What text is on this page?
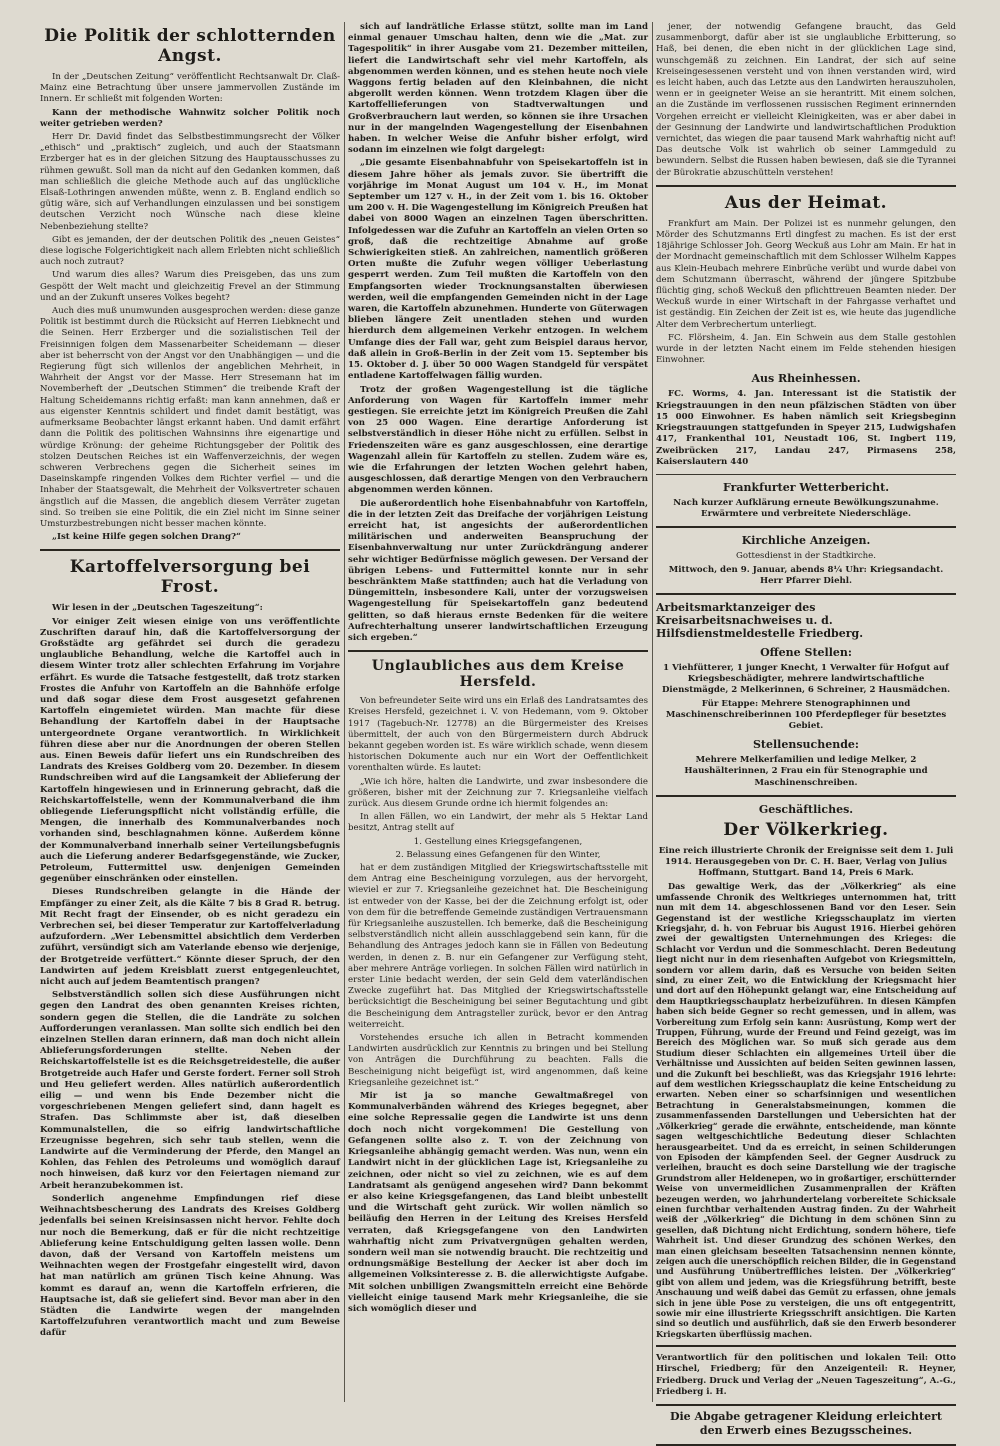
Die Politik der schlotternden Angst.

In der „Deutschen Zeitung“ veröffentlicht Rechtsanwalt Dr. Claß-Mainz eine Betrachtung über unsere jammervollen Zustände im Innern. Er schließt mit folgenden Worten:

Kann der methodische Wahnwitz solcher Politik noch weiter getrieben werden?

Herr Dr. David findet das Selbstbestimmungsrecht der Völker „ethisch“ und „praktisch“ zugleich, und auch der Staatsmann Erzberger hat es in der gleichen Sitzung des Hauptausschusses zu rühmen gewußt. Soll man da nicht auf den Gedanken kommen, daß man schließlich die gleiche Methode auch auf das unglückliche Elsaß-Lothringen anwenden müßte, wenn z. B. England endlich so gütig wäre, sich auf Verhandlungen einzulassen und bei sonstigem deutschen Verzicht noch Wünsche nach diese kleine Nebenbeziehung stellte?

Gibt es jemanden, der der deutschen Politik des „neuen Geistes“ diese logische Folgerichtigkeit nach allem Erlebten nicht schließlich auch noch zutraut?

Und warum dies alles? Warum dies Preisgeben, das uns zum Gespött der Welt macht und gleichzeitig Frevel an der Stimmung und an der Zukunft unseres Volkes begeht?

Auch dies muß unumwunden ausgesprochen werden: diese ganze Politik ist bestimmt durch die Rücksicht auf Herren Liebknecht und die Seinen. Herr Erzberger und die sozialistischen Teil der Freisinnigen folgen dem Massenarbeiter Scheidemann — dieser aber ist beherrscht von der Angst vor den Unabhängigen — und die Regierung fügt sich willenlos der angeblichen Mehrheit, in Wahrheit der Angst vor der Masse. Herr Stresemann hat im Novemberheft der „Deutschen Stimmen“ die treibende Kraft der Haltung Scheidemanns richtig erfaßt: man kann annehmen, daß er aus eigenster Kenntnis schildert und findet damit bestätigt, was aufmerksame Beobachter längst erkannt haben. Und damit erfährt dann die Politik des politischen Wahnsinns ihre eigenartige und würdige Krönung: der geheime Richtungsgeber der Politik des stolzen Deutschen Reiches ist ein Waffenverzeichnis, der wegen schweren Verbrechens gegen die Sicherheit seines im Daseinskampfe ringenden Volkes dem Richter verfiel — und die Inhaber der Staatsgewalt, die Mehrheit der Volksvertreter schauen ängstlich auf die Massen, die angeblich diesem Verräter zugetan sind. So treiben sie eine Politik, die ein Ziel nicht im Sinne seiner Umsturzbestrebungen nicht besser machen könnte.

„Ist keine Hilfe gegen solchen Drang?“

Kartoffelversorgung bei Frost.

Wir lesen in der „Deutschen Tageszeitung“:

Vor einiger Zeit wiesen einige von uns veröffentlichte Zuschriften darauf hin, daß die Kartoffelversorgung der Großstädte arg gefährdet sei durch die geradezu unglaubliche Behandlung, welche die Kartoffel auch in diesem Winter trotz aller schlechten Erfahrung im Vorjahre erfährt. Es wurde die Tatsache festgestellt, daß trotz starken Frostes die Anfuhr von Kartoffeln an die Bahnhöfe erfolge und daß sogar diese dem Frost ausgesetzt gefahrenen Kartoffeln eingemietet würden. Man machte für diese Behandlung der Kartoffeln dabei in der Hauptsache untergeordnete Organe verantwortlich. In Wirklichkeit führen diese aber nur die Anordnungen der oberen Stellen aus. Einen Beweis dafür liefert uns ein Rundschreiben des Landrats des Kreises Goldberg vom 20. Dezember. In diesem Rundschreiben wird auf die Langsamkeit der Ablieferung der Kartoffeln hingewiesen und in Erinnerung gebracht, daß die Reichskartoffelstelle, wenn der Kommunalverband die ihm obliegende Lieferungspflicht nicht vollständig erfülle, die Mengen, die innerhalb des Kommunalverbandes noch vorhanden sind, beschlagnahmen könne. Außerdem könne der Kommunalverband innerhalb seiner Verteilungsbefugnis auch die Lieferung anderer Bedarfsgegenstände, wie Zucker, Petroleum, Futtermittel usw. denjenigen Gemeinden gegenüber einschränken oder einstellen.

Dieses Rundschreiben gelangte in die Hände der Empfänger zu einer Zeit, als die Kälte 7 bis 8 Grad R. betrug. Mit Recht fragt der Einsender, ob es nicht geradezu ein Verbrechen sei, bei dieser Temperatur zur Kartoffelverladung aufzufordern. „Wer Lebensmittel absichtlich dem Verderben zuführt, versündigt sich am Vaterlande ebenso wie derjenige, der Brotgetreide verfüttert.“ Könnte dieser Spruch, der den Landwirten auf jedem Kreisblatt zuerst entgegenleuchtet, nicht auch auf jedem Beamtentisch prangen?

Selbstverständlich sollen sich diese Ausführungen nicht gegen den Landrat des oben genannten Kreises richten, sondern gegen die Stellen, die die Landräte zu solchen Aufforderungen veranlassen. Man sollte sich endlich bei den einzelnen Stellen daran erinnern, daß man doch nicht allein Ablieferungsforderungen stellte. Neben der Reichskartoffelstelle ist es die Reichsgetreidestelle, die außer Brotgetreide auch Hafer und Gerste fordert. Ferner soll Stroh und Heu geliefert werden. Alles natürlich außerordentlich eilig — und wenn bis Ende Dezember nicht die vorgeschriebenen Mengen geliefert sind, dann hagelt es Strafen. Das Schlimmste aber ist, daß dieselben Kommunalstellen, die so eifrig landwirtschaftliche Erzeugnisse begehren, sich sehr taub stellen, wenn die Landwirte auf die Verminderung der Pferde, den Mangel an Kohlen, das Fehlen des Petroleums und womöglich darauf noch hinweisen, daß kurz vor den Feiertagen niemand zur Arbeit heranzubekommen ist.

Sonderlich angenehme Empfindungen rief diese Weihnachtsbescherung des Landrats des Kreises Goldberg jedenfalls bei seinen Kreisinsassen nicht hervor. Fehlte doch nur noch die Bemerkung, daß er für die nicht rechtzeitige Ablieferung keine Entschuldigung gelten lassen wolle. Denn davon, daß der Versand von Kartoffeln meistens um Weihnachten wegen der Frostgefahr eingestellt wird, davon hat man natürlich am grünen Tisch keine Ahnung. Was kommt es darauf an, wenn die Kartoffeln erfrieren, die Hauptsache ist, daß sie geliefert sind. Bevor man aber in den Städten die Landwirte wegen der mangelnden Kartoffelzufuhren verantwortlich macht und zum Beweise dafür

sich auf landrätliche Erlasse stützt, sollte man im Land einmal genauer Umschau halten, denn wie die „Mat. zur Tagespolitik“ in ihrer Ausgabe vom 21. Dezember mitteilen, liefert die Landwirtschaft sehr viel mehr Kartoffeln, als abgenommen werden können, und es stehen heute noch viele Waggons fertig beladen auf den Kleinbahnen, die nicht abgerollt werden können. Wenn trotzdem Klagen über die Kartoffellieferungen von Stadtverwaltungen und Großverbrauchern laut werden, so können sie ihre Ursachen nur in der mangelnden Wagengestellung der Eisenbahnen haben. In welcher Weise die Anfuhr bisher erfolgt, wird sodann im einzelnen wie folgt dargelegt:

„Die gesamte Eisenbahnabfuhr von Speisekartoffeln ist in diesem Jahre höher als jemals zuvor. Sie übertrifft die vorjährige im Monat August um 104 v. H., im Monat September um 127 v. H., in der Zeit vom 1. bis 16. Oktober um 200 v. H. Die Wagengestellung im Königreich Preußen hat dabei von 8000 Wagen an einzelnen Tagen überschritten. Infolgedessen war die Zufuhr an Kartoffeln an vielen Orten so groß, daß die rechtzeitige Abnahme auf große Schwierigkeiten stieß. An zahlreichen, namentlich größeren Orten mußte die Zufuhr wegen völliger Ueberlastung gesperrt werden. Zum Teil mußten die Kartoffeln von den Empfangsorten wieder Trocknungsanstalten überwiesen werden, weil die empfangenden Gemeinden nicht in der Lage waren, die Kartoffeln abzunehmen. Hunderte von Güterwagen blieben längere Zeit unentladen stehen und wurden hierdurch dem allgemeinen Verkehr entzogen. In welchem Umfange dies der Fall war, geht zum Beispiel daraus hervor, daß allein in Groß-Berlin in der Zeit vom 15. September bis 15. Oktober d. J. über 50 000 Wagen Standgeld für verspätet entladene Kartoffelwagen fällig wurden.

Trotz der großen Wagengestellung ist die tägliche Anforderung von Wagen für Kartoffeln immer mehr gestiegen. Sie erreichte jetzt im Königreich Preußen die Zahl von 25 000 Wagen. Eine derartige Anforderung ist selbstverständlich in dieser Höhe nicht zu erfüllen. Selbst in Friedenszeiten wäre es ganz ausgeschlossen, eine derartige Wagenzahl allein für Kartoffeln zu stellen. Zudem wäre es, wie die Erfahrungen der letzten Wochen gelehrt haben, ausgeschlossen, daß derartige Mengen von den Verbrauchern abgenommen werden können.

Die außerordentlich hohe Eisenbahnabfuhr von Kartoffeln, die in der letzten Zeit das Dreifache der vorjährigen Leistung erreicht hat, ist angesichts der außerordentlichen militärischen und anderweiten Beanspruchung der Eisenbahnverwaltung nur unter Zurückdrängung anderer sehr wichtiger Bedürfnisse möglich gewesen. Der Versand der übrigen Lebens- und Futtermittel konnte nur in sehr beschränktem Maße stattfinden; auch hat die Verladung von Düngemitteln, insbesondere Kali, unter der vorzugsweisen Wagengestellung für Speisekartoffeln ganz bedeutend gelitten, so daß hieraus ernste Bedenken für die weitere Aufrechterhaltung unserer landwirtschaftlichen Erzeugung sich ergeben.“

Unglaubliches aus dem Kreise Hersfeld.

Von befreundeter Seite wird uns ein Erlaß des Landratsamtes des Kreises Hersfeld, gezeichnet i. V. von Hedemann, vom 9. Oktober 1917 (Tagebuch-Nr. 12778) an die Bürgermeister des Kreises übermittelt, der auch von den Bürgermeistern durch Abdruck bekannt gegeben worden ist. Es wäre wirklich schade, wenn diesem historischen Dokumente auch nur ein Wort der Oeffentlichkeit vorenthalten würde. Es lautet:

„Wie ich höre, halten die Landwirte, und zwar insbesondere die größeren, bisher mit der Zeichnung zur 7. Kriegsanleihe vielfach zurück. Aus diesem Grunde ordne ich hiermit folgendes an:

In allen Fällen, wo ein Landwirt, der mehr als 5 Hektar Land besitzt, Antrag stellt auf

1. Gestellung eines Kriegsgefangenen,

2. Belassung eines Gefangenen für den Winter,

hat er dem zuständigen Mitglied der Kriegswirtschaftsstelle mit dem Antrag eine Bescheinigung vorzulegen, aus der hervorgeht, wieviel er zur 7. Kriegsanleihe gezeichnet hat. Die Bescheinigung ist entweder von der Kasse, bei der die Zeichnung erfolgt ist, oder von dem für die betreffende Gemeinde zuständigen Vertrauensmann für Kriegsanleihe auszustellen. Ich bemerke, daß die Bescheinigung selbstverständlich nicht allein ausschlaggebend sein kann, für die Behandlung des Antrages jedoch kann sie in Fällen von Bedeutung werden, in denen z. B. nur ein Gefangener zur Verfügung steht, aber mehrere Anträge vorliegen. In solchen Fällen wird natürlich in erster Linie bedacht werden, der sein Geld dem vaterländischen Zwecke zugeführt hat. Das Mitglied der Kriegswirtschaftsstelle berücksichtigt die Bescheinigung bei seiner Begutachtung und gibt die Bescheinigung dem Antragsteller zurück, bevor er den Antrag weiterreicht.

Vorstehendes ersuche ich allen in Betracht kommenden Landwirten ausdrücklich zur Kenntnis zu bringen und bei Stellung von Anträgen die Durchführung zu beachten. Falls die Bescheinigung nicht beigefügt ist, wird angenommen, daß keine Kriegsanleihe gezeichnet ist.“

Mir ist ja so manche Gewaltmaßregel von Kommunalverbänden während des Krieges begegnet, aber eine solche Repressalie gegen die Landwirte ist uns denn doch noch nicht vorgekommen! Die Gestellung von Gefangenen sollte also z. T. von der Zeichnung von Kriegsanleihe abhängig gemacht werden. Was nun, wenn ein Landwirt nicht in der glücklichen Lage ist, Kriegsanleihe zu zeichnen, oder nicht so viel zu zeichnen, wie es auf dem Landratsamt als genügend angesehen wird? Dann bekommt er also keine Kriegsgefangenen, das Land bleibt unbestellt und die Wirtschaft geht zurück. Wir wollen nämlich so beiläufig den Herren in der Leitung des Kreises Hersfeld verraten, daß Kriegsgefangene von den Landwirten wahrhaftig nicht zum Privatvergnügen gehalten werden, sondern weil man sie notwendig braucht. Die rechtzeitig und ordnungsmäßige Bestellung der Aecker ist aber doch im allgemeinen Volksinteresse z. B. die allerwichtigste Aufgabe. Mit solchen unbilligen Zwangsmitteln erreicht eine Behörde vielleicht einige tausend Mark mehr Kriegsanleihe, die sie sich womöglich dieser und

jener, der notwendig Gefangene braucht, das Geld zusammenborgt, dafür aber ist sie unglaubliche Erbitterung, so Haß, bei denen, die eben nicht in der glücklichen Lage sind, wunschgemäß zu zeichnen. Ein Landrat, der sich auf seine Kreiseingesessenen versteht und von ihnen verstanden wird, wird es leicht haben, auch das Letzte aus den Landwirten herauszuholen, wenn er in geeigneter Weise an sie herantritt. Mit einem solchen, an die Zustände im verflossenen russischen Regiment erinnernden Vorgehen erreicht er vielleicht Kleinigkeiten, was er aber dabei in der Gesinnung der Landwirte und landwirtschaftlichen Produktion vernichtet, das wiegen die paar tausend Mark wahrhaftig nicht auf! Das deutsche Volk ist wahrlich ob seiner Lammgeduld zu bewundern. Selbst die Russen haben bewiesen, daß sie die Tyrannei der Bürokratie abzuschütteln verstehen!

Aus der Heimat.

Frankfurt am Main. Der Polizei ist es nunmehr gelungen, den Mörder des Schutzmanns Ertl dingfest zu machen. Es ist der erst 18jährige Schlosser Joh. Georg Weckuß aus Lohr am Main. Er hat in der Mordnacht gemeinschaftlich mit dem Schlosser Wilhelm Kappes aus Klein-Heubach mehrere Einbrüche verübt und wurde dabei von dem Schutzmann überrascht, während der jüngere Spitzbube flüchtig ging, schoß Weckuß den pflichttreuen Beamten nieder. Der Weckuß wurde in einer Wirtschaft in der Fahrgasse verhaftet und ist geständig. Ein Zeichen der Zeit ist es, wie heute das jugendliche Alter dem Verbrechertum unterliegt.

FC. Flörsheim, 4. Jan. Ein Schwein aus dem Stalle gestohlen wurde in der letzten Nacht einem im Felde stehenden hiesigen Einwohner.

Aus Rheinhessen.

FC. Worms, 4. Jan. Interessant ist die Statistik der Kriegstrauungen in den neun pfälzischen Städten von über 15 000 Einwohner. Es haben nämlich seit Kriegsbeginn Kriegstrauungen stattgefunden in Speyer 215, Ludwigshafen 417, Frankenthal 101, Neustadt 106, St. Ingbert 119, Zweibrücken 217, Landau 247, Pirmasens 258, Kaiserslautern 440

Frankfurter Wetterbericht.

Nach kurzer Aufklärung erneute Bewölkungszunahme. Erwärmtere und verbreitete Niederschläge.

Kirchliche Anzeigen.

Gottesdienst in der Stadtkirche.

Mittwoch, den 9. Januar, abends 8¼ Uhr: Kriegsandacht. Herr Pfarrer Diehl.

Arbeitsmarktanzeiger des Kreisarbeitsnachweises u. d. Hilfsdienstmeldestelle Friedberg.
Offene Stellen:

1 Viehfütterer, 1 junger Knecht, 1 Verwalter für Hofgut auf Kriegsbeschädigter, mehrere landwirtschaftliche Dienstmägde, 2 Melkerinnen, 6 Schreiner, 2 Hausmädchen.

Für Etappe: Mehrere Stenographinnen und Maschinenschreiberinnen 100 Pferdepfleger für besetztes Gebiet.

Stellensuchende:

Mehrere Melkerfamilien und ledige Melker, 2 Haushälterinnen, 2 Frau ein für Stenographie und Maschinenschreiben.

Geschäftliches.
Der Völkerkrieg.

Eine reich illustrierte Chronik der Ereignisse seit dem 1. Juli 1914. Herausgegeben von Dr. C. H. Baer, Verlag von Julius Hoffmann, Stuttgart. Band 14, Preis 6 Mark.

Das gewaltige Werk, das der „Völkerkrieg“ als eine umfassende Chronik des Weltkrieges unternommen hat, tritt nun mit dem 14. abgeschlossenen Band vor den Leser. Sein Gegenstand ist der westliche Kriegsschauplatz im vierten Kriegsjahr, d. h. von Februar bis August 1916. Hierbei gehören zwei der gewaltigsten Unternehmungen des Krieges: die Schlacht vor Verdun und die Sommeschlacht. Deren Bedeutung liegt nicht nur in dem riesenhaften Aufgebot von Kriegsmitteln, sondern vor allem darin, daß es Versuche von beiden Seiten sind, zu einer Zeit, wo die Entwicklung der Kriegsmacht hier und dort auf den Höhepunkt gelangt war, eine Entscheidung auf dem Hauptkriegsschauplatz herbeizuführen. In diesen Kämpfen haben sich beide Gegner so recht gemessen, und in allem, was Vorbereitung zum Erfolg sein kann: Ausrüstung, Komp wert der Truppen, Führung, wurde der Freund und Feind gezeigt, was im Bereich des Möglichen war. So muß sich gerade aus dem Studium dieser Schlachten ein allgemeines Urteil über die Verhältnisse und Aussichten auf beiden Seiten gewinnen lassen, und die Zukunft bei beschließt, was das Kriegsjahr 1916 lehrte: auf dem westlichen Kriegsschauplatz die keine Entscheidung zu erwarten. Neben einer so scharfsinnigen und wesentlichen Betrachtung in Generalstabsmeinungen, kommen die zusammenfassenden Darstellungen und Uebersichten hat der „Völkerkrieg“ gerade die erwähnte, entscheidende, man könnte sagen weltgeschichtliche Bedeutung dieser Schlachten herausgearbeitet. Und da es erreicht, in seinen Schilderungen von Episoden der kämpfenden Seel. der Gegner Ausdruck zu verleihen, braucht es doch seine Darstellung wie der tragische Grundstrom aller Heldenepen, wo in großartiger, erschütternder Weise von unvermeidlichen Zusammenprallen der Kräften bezeugen werden, wo jahrhundertelang vorbereitete Schicksale einen furchtbar verhaltenden Austrag finden. Zu der Wahrheit weiß der „Völkerkrieg“ die Dichtung in dem schönen Sinn zu gesellen, daß Dichtung nicht Erdichtung, sondern höhere, tiefe Wahrheit ist. Und dieser Grundzug des schönen Werkes, den man einen gleichsam beseelten Tatsachensinn nennen könnte, zeigen auch die unerschöpflich reichen Bilder, die in Gegenstand und Ausführung Unübertreffliches leisten. Der „Völkerkrieg“ gibt von allem und jedem, was die Kriegsführung betrifft, beste Anschauung und weiß dabei das Gemüt zu erfassen, ohne jemals sich in jene üble Pose zu versteigen, die uns oft entgegentritt, sowie mir eine illustrierte Kriegsschrift ansichtigen. Die Karten sind so deutlich und ausführlich, daß sie den Erwerb besonderer Kriegskarten überflüssig machen.

Verantwortlich für den politischen und lokalen Teil: Otto Hirschel, Friedberg; für den Anzeigenteil: R. Heyner, Friedberg. Druck und Verlag der „Neuen Tageszeitung“, A.-G., Friedberg i. H.

Die Abgabe getragener Kleidung erleichtert den Erwerb eines Bezugsscheines.
